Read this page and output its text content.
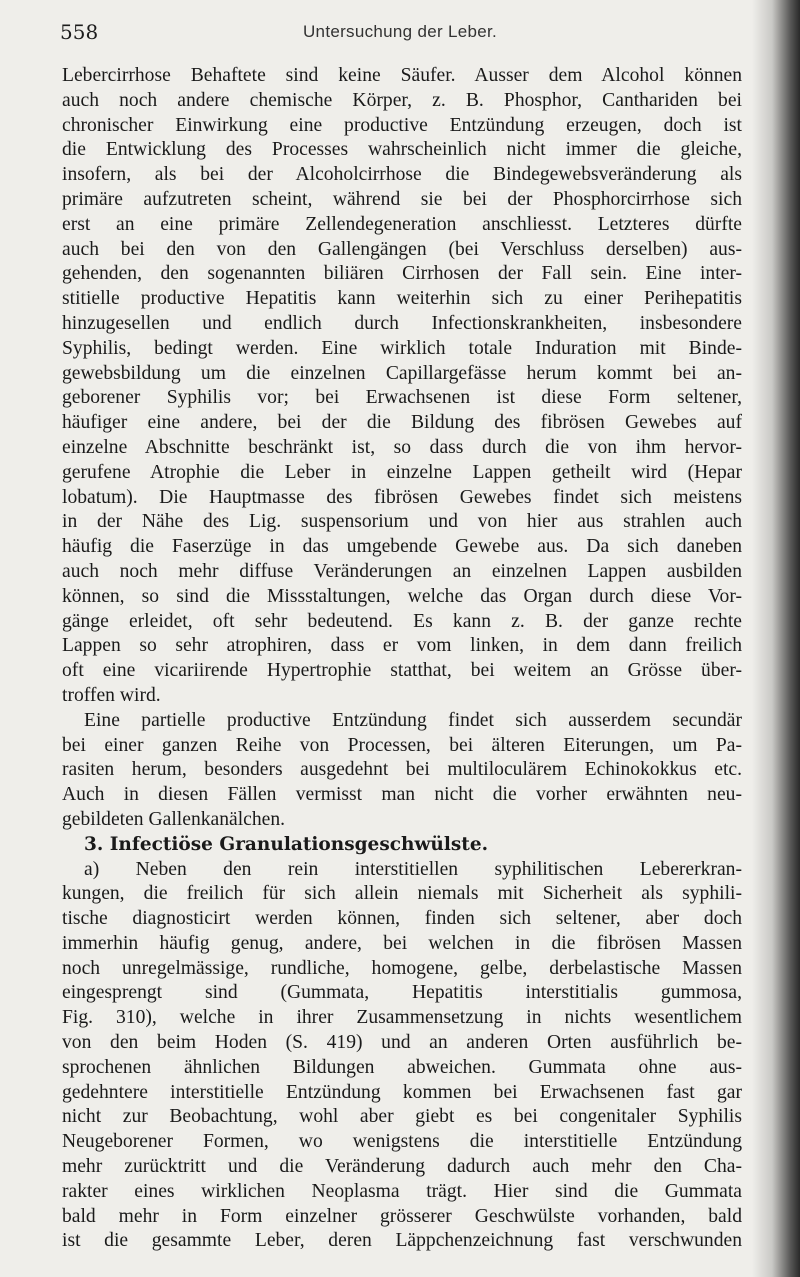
558	Untersuchung der Leber.
Lebercirrhose Behaftete sind keine Säufer. Ausser dem Alcohol können
auch noch andere chemische Körper, z. B. Phosphor, Canthariden bei
chronischer Einwirkung eine productive Entzündung erzeugen, doch ist
die Entwicklung des Processes wahrscheinlich nicht immer die gleiche,
insofern, als bei der Alcoholcirrhose die Bindegewebsveränderung als
primäre aufzutreten scheint, während sie bei der Phosphorcirrhose sich
erst an eine primäre Zellendegeneration anschliesst. Letzteres dürfte
auch bei den von den Gallengängen (bei Verschluss derselben) aus-
gehenden, den sogenannten biliären Cirrhosen der Fall sein. Eine inter-
stitielle productive Hepatitis kann weiterhin sich zu einer Perihepatitis
hinzugesellen und endlich durch Infectionskrankheiten, insbesondere
Syphilis, bedingt werden. Eine wirklich totale Induration mit Binde-
gewebsbildung um die einzelnen Capillargefässe herum kommt bei an-
geborener Syphilis vor; bei Erwachsenen ist diese Form seltener,
häufiger eine andere, bei der die Bildung des fibrösen Gewebes auf
einzelne Abschnitte beschränkt ist, so dass durch die von ihm hervor-
gerufene Atrophie die Leber in einzelne Lappen getheilt wird (Hepar
lobatum). Die Hauptmasse des fibrösen Gewebes findet sich meistens
in der Nähe des Lig. suspensorium und von hier aus strahlen auch
häufig die Faserzüge in das umgebende Gewebe aus. Da sich daneben
auch noch mehr diffuse Veränderungen an einzelnen Lappen ausbilden
können, so sind die Missstaltungen, welche das Organ durch diese Vor-
gänge erleidet, oft sehr bedeutend. Es kann z. B. der ganze rechte
Lappen so sehr atrophiren, dass er vom linken, in dem dann freilich
oft eine vicariirende Hypertrophie statthat, bei weitem an Grösse über-
troffen wird.
Eine partielle productive Entzündung findet sich ausserdem secundär
bei einer ganzen Reihe von Processen, bei älteren Eiterungen, um Pa-
rasiten herum, besonders ausgedehnt bei multiloculärem Echinokokkus etc.
Auch in diesen Fällen vermisst man nicht die vorher erwähnten neu-
gebildeten Gallenkanälchen.
3. Infectiöse Granulationsgeschwülste.
a) Neben den rein interstitiellen syphilitischen Lebererkran-
kungen, die freilich für sich allein niemals mit Sicherheit als syphili-
tische diagnosticirt werden können, finden sich seltener, aber doch
immerhin häufig genug, andere, bei welchen in die fibrösen Massen
noch unregelmässige, rundliche, homogene, gelbe, derbelastische Massen
eingesprengt sind (Gummata, Hepatitis interstitialis gummosa,
Fig. 310), welche in ihrer Zusammensetzung in nichts wesentlichem
von den beim Hoden (S. 419) und an anderen Orten ausführlich be-
sprochenen ähnlichen Bildungen abweichen. Gummata ohne aus-
gedehntere interstitielle Entzündung kommen bei Erwachsenen fast gar
nicht zur Beobachtung, wohl aber giebt es bei congenitaler Syphilis
Neugeborener Formen, wo wenigstens die interstitielle Entzündung
mehr zurücktritt und die Veränderung dadurch auch mehr den Cha-
rakter eines wirklichen Neoplasma trägt. Hier sind die Gummata
bald mehr in Form einzelner grösserer Geschwülste vorhanden, bald
ist die gesammte Leber, deren Läppchenzeichnung fast verschwunden
